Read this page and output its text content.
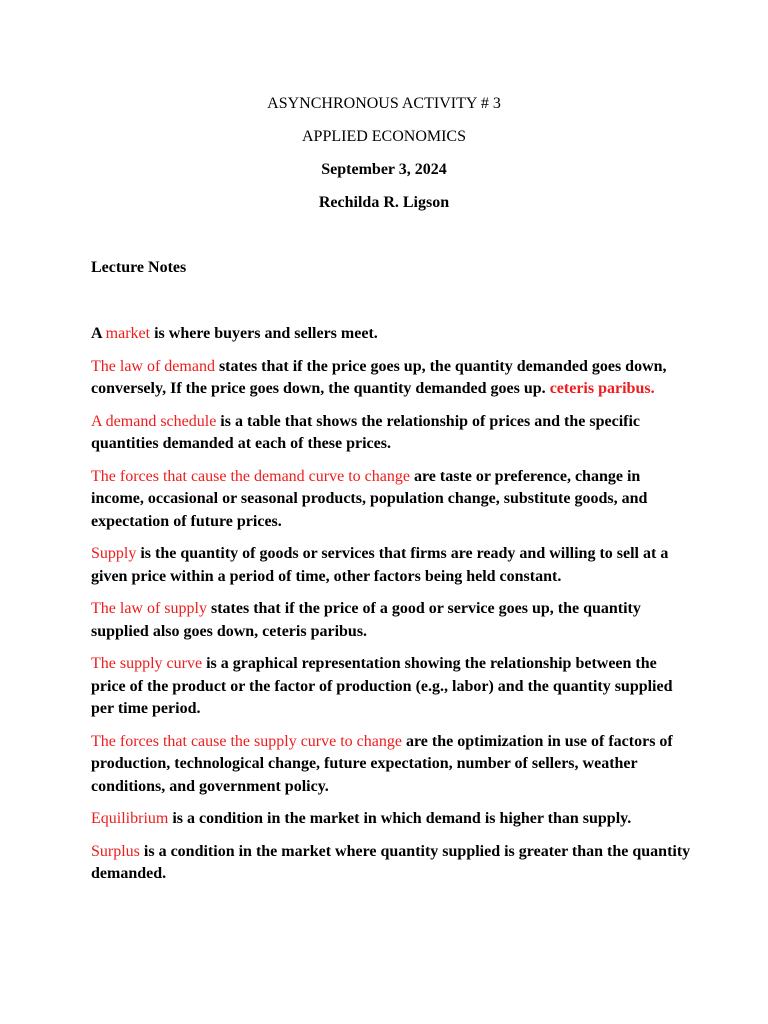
ASYNCHRONOUS ACTIVITY # 3
APPLIED ECONOMICS
September 3, 2024
Rechilda R. Ligson
Lecture Notes

A market is where buyers and sellers meet.

The law of demand states that if the price goes up, the quantity demanded goes down, conversely, If the price goes down, the quantity demanded goes up. ceteris paribus.

A demand schedule is a table that shows the relationship of prices and the specific quantities demanded at each of these prices.

The forces that cause the demand curve to change are taste or preference, change in income, occasional or seasonal products, population change, substitute goods, and expectation of future prices.

Supply is the quantity of goods or services that firms are ready and willing to sell at a given price within a period of time, other factors being held constant.

The law of supply states that if the price of a good or service goes up, the quantity supplied also goes down, ceteris paribus.

The supply curve is a graphical representation showing the relationship between the price of the product or the factor of production (e.g., labor) and the quantity supplied per time period.

The forces that cause the supply curve to change are the optimization in use of factors of production, technological change, future expectation, number of sellers, weather conditions, and government policy.

Equilibrium is a condition in the market in which demand is higher than supply.

Surplus is a condition in the market where quantity supplied is greater than the quantity demanded.
